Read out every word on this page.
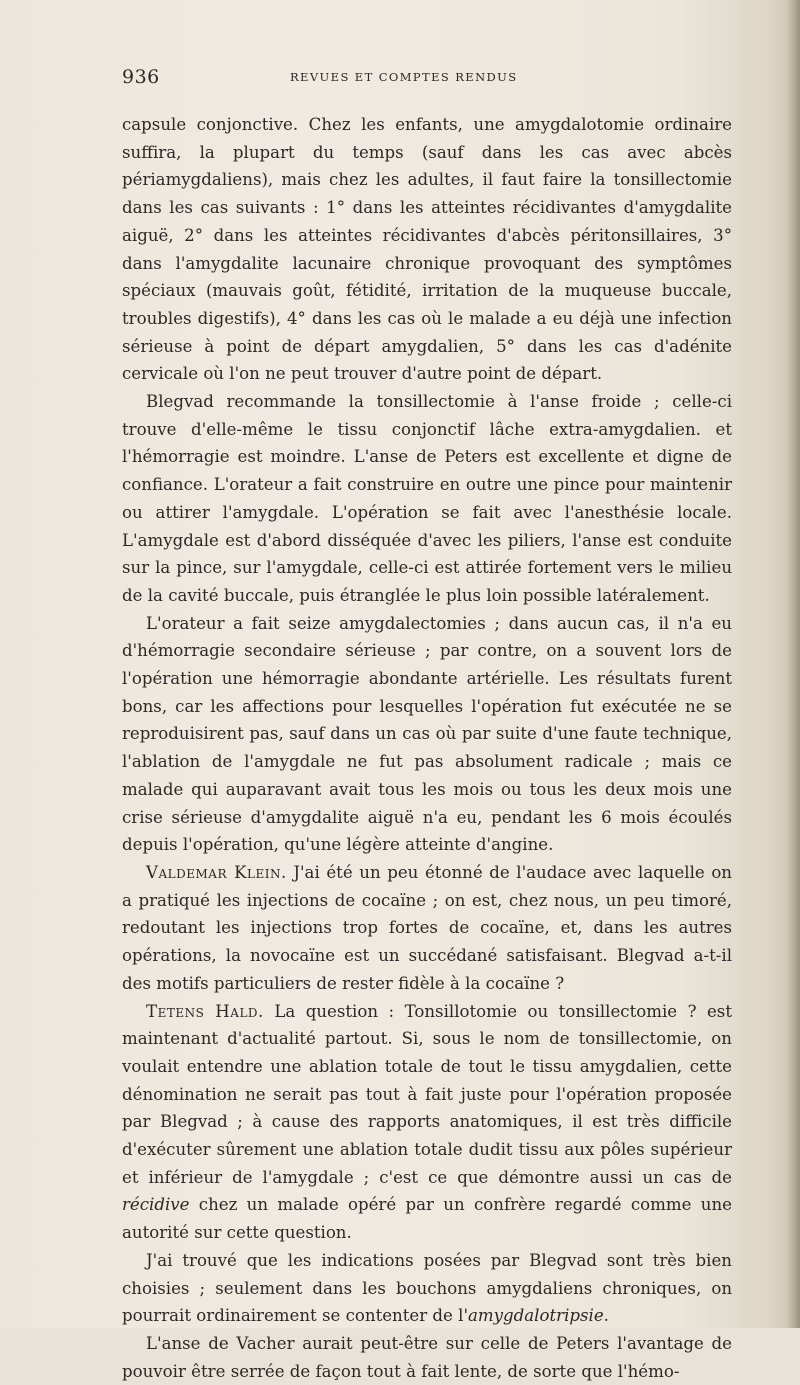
936	REVUES ET COMPTES RENDUS

capsule conjonctive. Chez les enfants, une amygdalotomie ordinaire suffira, la plupart du temps (sauf dans les cas avec abcès périamygdaliens), mais chez les adultes, il faut faire la tonsillectomie dans les cas suivants : 1° dans les atteintes récidivantes d'amygdalite aiguë, 2° dans les atteintes récidivantes d'abcès péritonsillaires, 3° dans l'amygdalite lacunaire chronique provoquant des symptômes spéciaux (mauvais goût, fétidité, irritation de la muqueuse buccale, troubles digestifs), 4° dans les cas où le malade a eu déjà une infection sérieuse à point de départ amygdalien, 5° dans les cas d'adénite cervicale où l'on ne peut trouver d'autre point de départ.

Blegvad recommande la tonsillectomie à l'anse froide ; celle-ci trouve d'elle-même le tissu conjonctif lâche extra-amygdalien. et l'hémorragie est moindre. L'anse de Peters est excellente et digne de confiance. L'orateur a fait construire en outre une pince pour maintenir ou attirer l'amygdale. L'opération se fait avec l'anesthésie locale. L'amygdale est d'abord disséquée d'avec les piliers, l'anse est conduite sur la pince, sur l'amygdale, celle-ci est attirée fortement vers le milieu de la cavité buccale, puis étranglée le plus loin possible latéralement.

L'orateur a fait seize amygdalectomies ; dans aucun cas, il n'a eu d'hémorragie secondaire sérieuse ; par contre, on a souvent lors de l'opération une hémorragie abondante artérielle. Les résultats furent bons, car les affections pour lesquelles l'opération fut exécutée ne se reproduisirent pas, sauf dans un cas où par suite d'une faute technique, l'ablation de l'amygdale ne fut pas absolument radicale ; mais ce malade qui auparavant avait tous les mois ou tous les deux mois une crise sérieuse d'amygdalite aiguë n'a eu, pendant les 6 mois écoulés depuis l'opération, qu'une légère atteinte d'angine.

Valdemar Klein. J'ai été un peu étonné de l'audace avec laquelle on a pratiqué les injections de cocaïne ; on est, chez nous, un peu timoré, redoutant les injections trop fortes de cocaïne, et, dans les autres opérations, la novocaïne est un succédané satisfaisant. Blegvad a-t-il des motifs particuliers de rester fidèle à la cocaïne ?

Tetens Hald. La question : Tonsillotomie ou tonsillectomie ? est maintenant d'actualité partout. Si, sous le nom de tonsillectomie, on voulait entendre une ablation totale de tout le tissu amygdalien, cette dénomination ne serait pas tout à fait juste pour l'opération proposée par Blegvad ; à cause des rapports anatomiques, il est très difficile d'exécuter sûrement une ablation totale dudit tissu aux pôles supérieur et inférieur de l'amygdale ; c'est ce que démontre aussi un cas de récidive chez un malade opéré par un confrère regardé comme une autorité sur cette question.

J'ai trouvé que les indications posées par Blegvad sont très bien choisies ; seulement dans les bouchons amygdaliens chroniques, on pourrait ordinairement se contenter de l'amygdalotripsie.

L'anse de Vacher aurait peut-être sur celle de Peters l'avantage de pouvoir être serrée de façon tout à fait lente, de sorte que l'hémo-
